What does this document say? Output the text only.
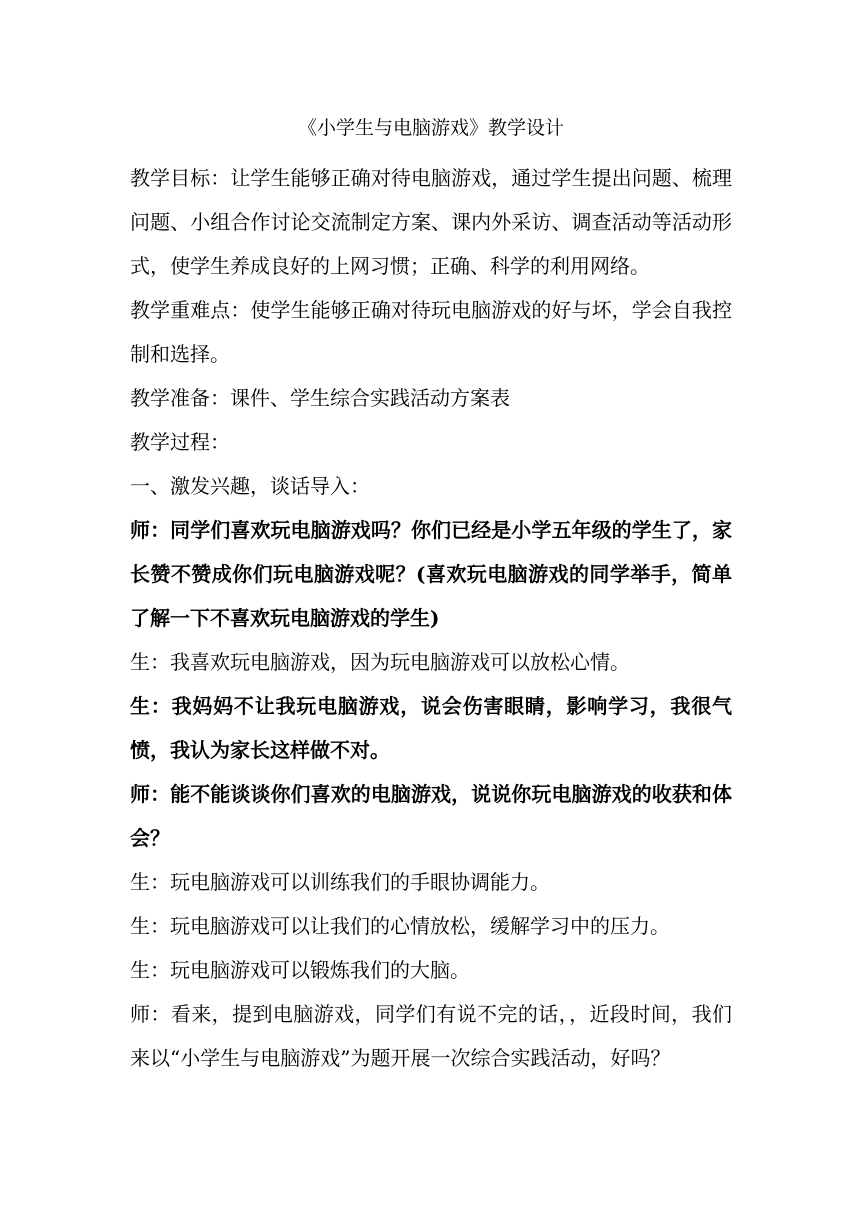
《小学生与电脑游戏》教学设计

教学目标：让学生能够正确对待电脑游戏，通过学生提出问题、梳理问题、小组合作讨论交流制定方案、课内外采访、调查活动等活动形式，使学生养成良好的上网习惯；正确、科学的利用网络。

教学重难点：使学生能够正确对待玩电脑游戏的好与坏，学会自我控制和选择。

教学准备：课件、学生综合实践活动方案表

教学过程：

一、激发兴趣，谈话导入：

师：同学们喜欢玩电脑游戏吗？你们已经是小学五年级的学生了，家长赞不赞成你们玩电脑游戏呢？(喜欢玩电脑游戏的同学举手，简单了解一下不喜欢玩电脑游戏的学生)

生：我喜欢玩电脑游戏，因为玩电脑游戏可以放松心情。

生：我妈妈不让我玩电脑游戏，说会伤害眼睛，影响学习，我很气愤，我认为家长这样做不对。

师：能不能谈谈你们喜欢的电脑游戏，说说你玩电脑游戏的收获和体会？

生：玩电脑游戏可以训练我们的手眼协调能力。

生：玩电脑游戏可以让我们的心情放松，缓解学习中的压力。

生：玩电脑游戏可以锻炼我们的大脑。

师：看来，提到电脑游戏，同学们有说不完的话，，近段时间，我们来以“小学生与电脑游戏”为题开展一次综合实践活动，好吗？
